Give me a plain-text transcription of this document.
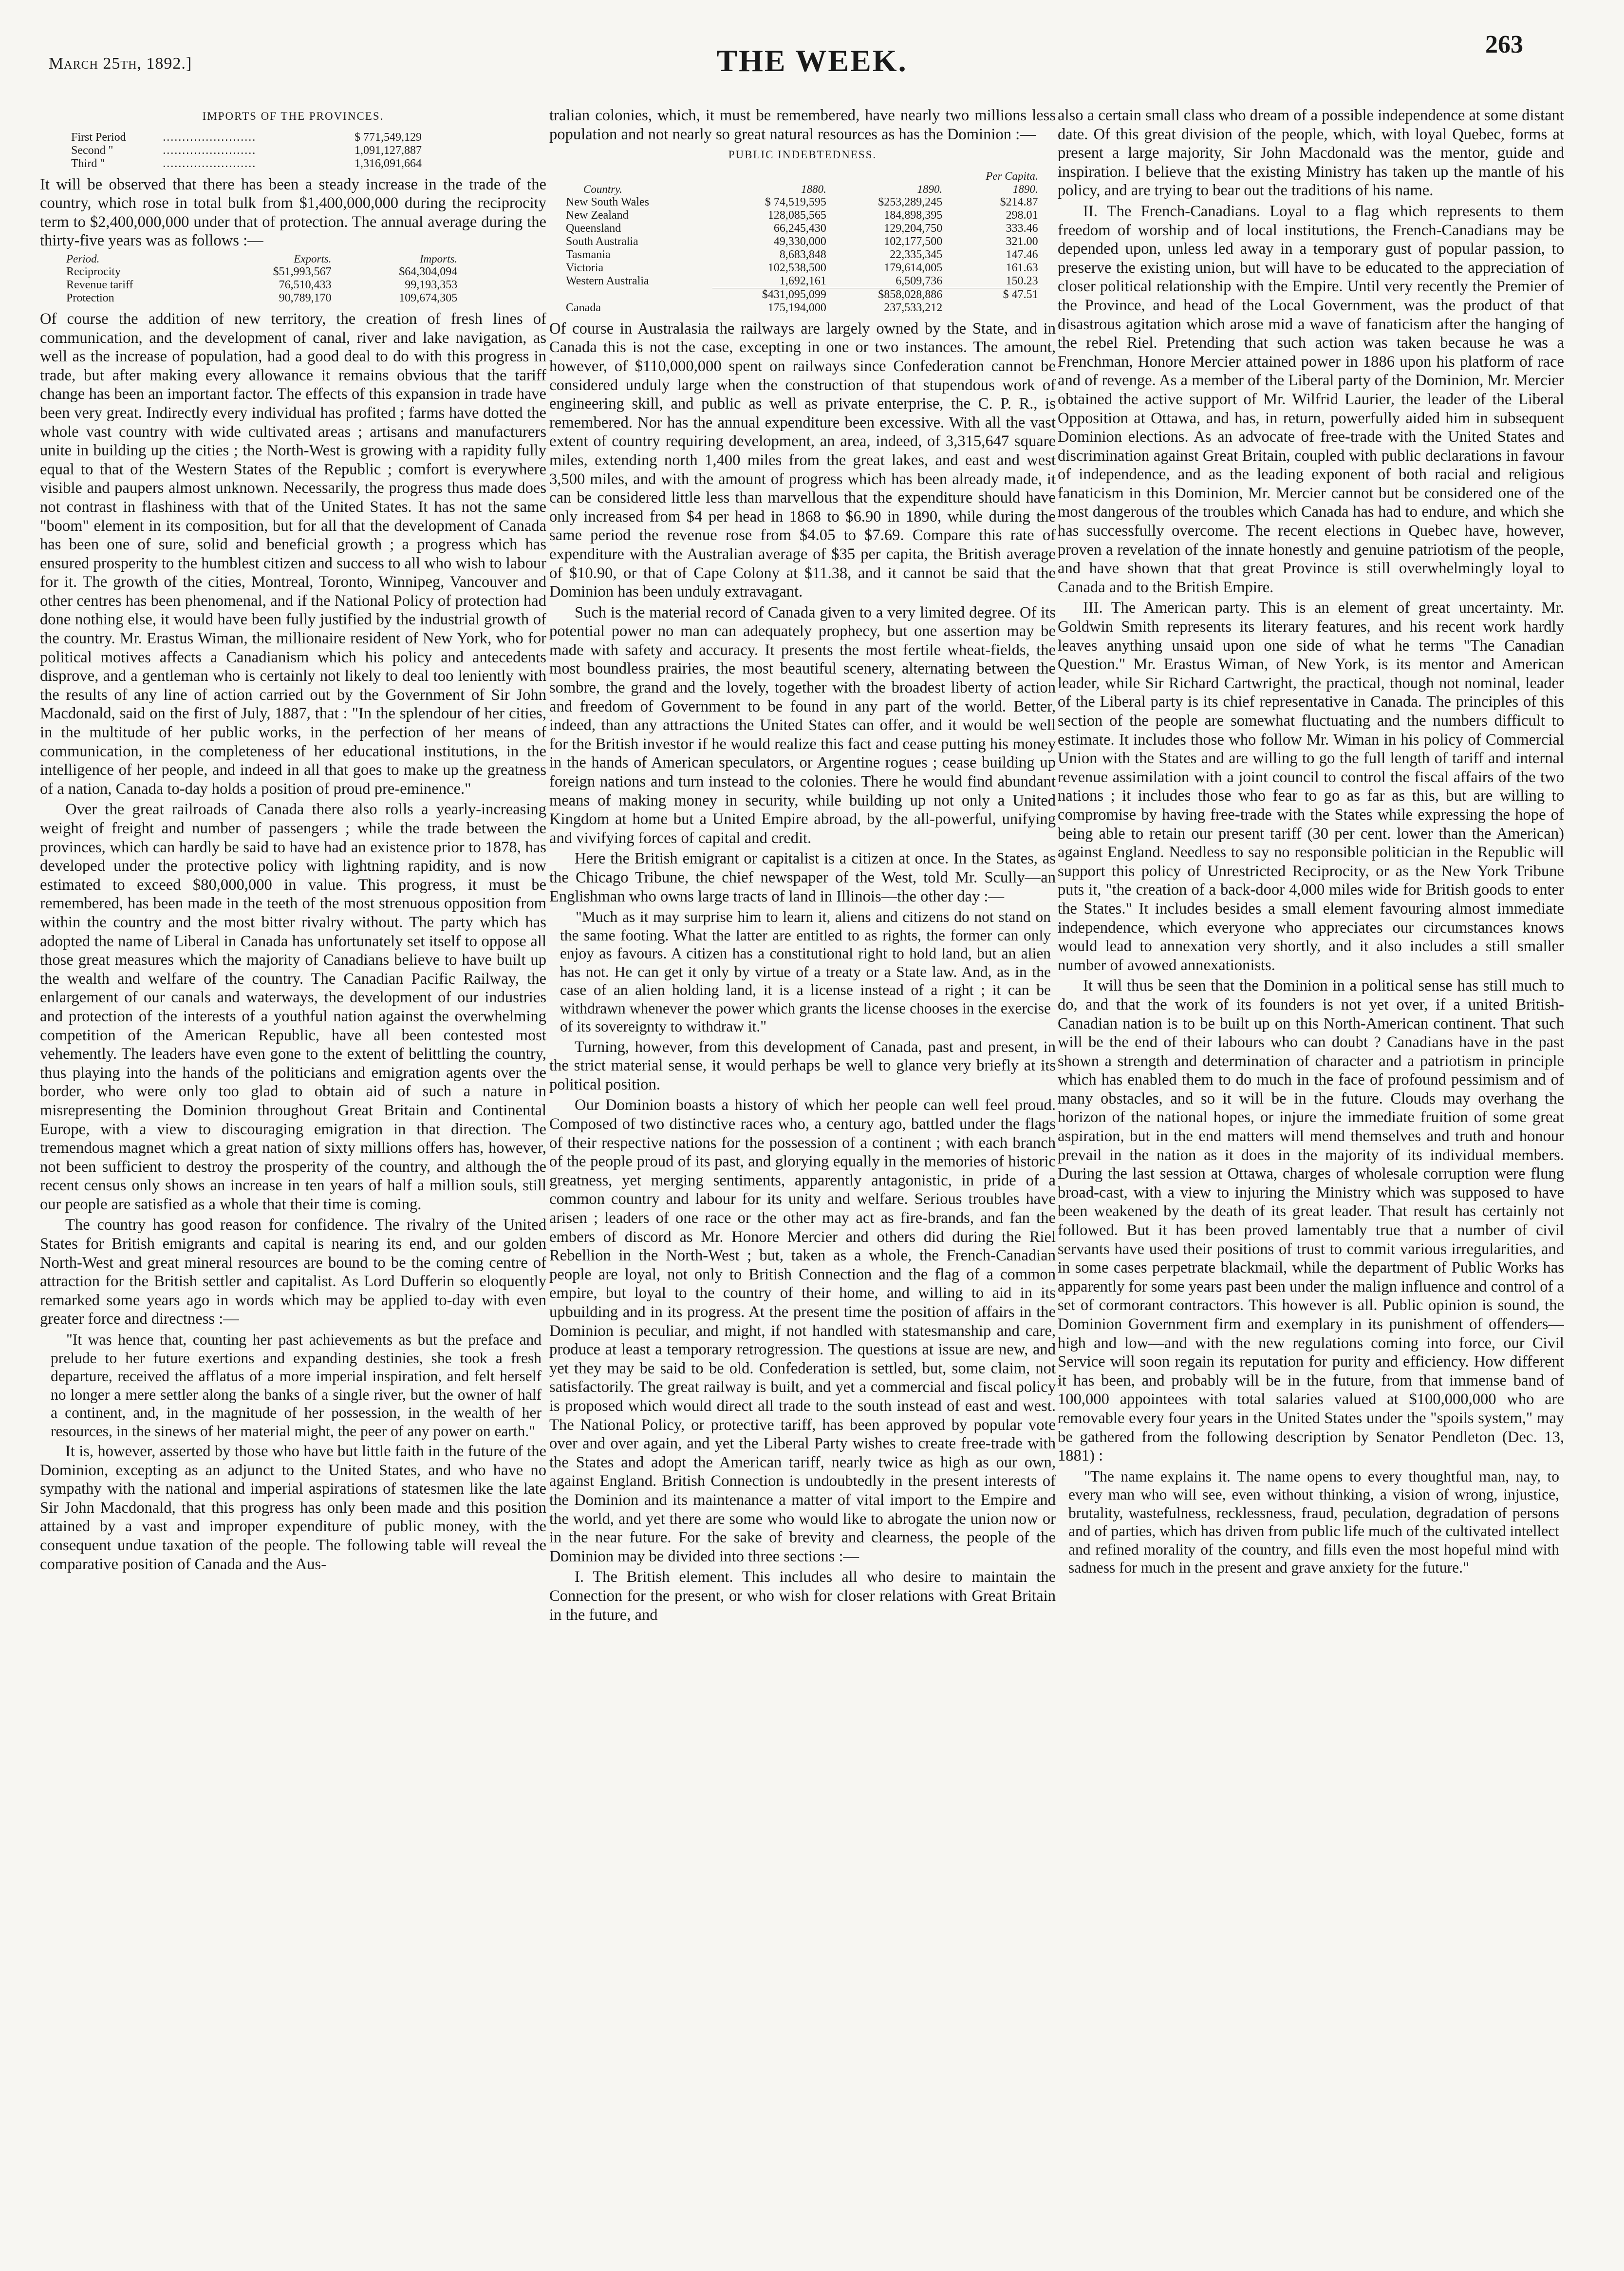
March 25th, 1892.]	THE WEEK.	263
IMPORTS OF THE PROVINCES.
First Period	........................	$ 771,549,129
Second "	........................	1,091,127,887
Third "	........................	1,316,091,664

It will be observed that there has been a steady increase in the trade of the country, which rose in total bulk from $1,400,000,000 during the reciprocity term to $2,400,000,000 under that of protection. The annual average during the thirty-five years was as follows :—

Period.	Exports.	Imports.
Reciprocity	$51,993,567	$64,304,094
Revenue tariff	76,510,433	99,193,353
Protection	90,789,170	109,674,305

Of course the addition of new territory, the creation of fresh lines of communication, and the development of canal, river and lake navigation, as well as the increase of population, had a good deal to do with this progress in trade, but after making every allowance it remains obvious that the tariff change has been an important factor. The effects of this expansion in trade have been very great. Indirectly every individual has profited ; farms have dotted the whole vast country with wide cultivated areas ; artisans and manufacturers unite in building up the cities ; the North-West is growing with a rapidity fully equal to that of the Western States of the Republic ; comfort is everywhere visible and paupers almost unknown. Necessarily, the progress thus made does not contrast in flashiness with that of the United States. It has not the same "boom" element in its composition, but for all that the development of Canada has been one of sure, solid and beneficial growth ; a progress which has ensured prosperity to the humblest citizen and success to all who wish to labour for it. The growth of the cities, Montreal, Toronto, Winnipeg, Vancouver and other centres has been phenomenal, and if the National Policy of protection had done nothing else, it would have been fully justified by the industrial growth of the country. Mr. Erastus Wiman, the millionaire resident of New York, who for political motives affects a Canadianism which his policy and antecedents disprove, and a gentleman who is certainly not likely to deal too leniently with the results of any line of action carried out by the Government of Sir John Macdonald, said on the first of July, 1887, that : "In the splendour of her cities, in the multitude of her public works, in the perfection of her means of communication, in the completeness of her educational institutions, in the intelligence of her people, and indeed in all that goes to make up the greatness of a nation, Canada to-day holds a position of proud pre-eminence."

Over the great railroads of Canada there also rolls a yearly-increasing weight of freight and number of passengers ; while the trade between the provinces, which can hardly be said to have had an existence prior to 1878, has developed under the protective policy with lightning rapidity, and is now estimated to exceed $80,000,000 in value. This progress, it must be remembered, has been made in the teeth of the most strenuous opposition from within the country and the most bitter rivalry without. The party which has adopted the name of Liberal in Canada has unfortunately set itself to oppose all those great measures which the majority of Canadians believe to have built up the wealth and welfare of the country. The Canadian Pacific Railway, the enlargement of our canals and waterways, the development of our industries and protection of the interests of a youthful nation against the overwhelming competition of the American Republic, have all been contested most vehemently. The leaders have even gone to the extent of belittling the country, thus playing into the hands of the politicians and emigration agents over the border, who were only too glad to obtain aid of such a nature in misrepresenting the Dominion throughout Great Britain and Continental Europe, with a view to discouraging emigration in that direction. The tremendous magnet which a great nation of sixty millions offers has, however, not been sufficient to destroy the prosperity of the country, and although the recent census only shows an increase in ten years of half a million souls, still our people are satisfied as a whole that their time is coming.

The country has good reason for confidence. The rivalry of the United States for British emigrants and capital is nearing its end, and our golden North-West and great mineral resources are bound to be the coming centre of attraction for the British settler and capitalist. As Lord Dufferin so eloquently remarked some years ago in words which may be applied to-day with even greater force and directness :—

"It was hence that, counting her past achievements as but the preface and prelude to her future exertions and expanding destinies, she took a fresh departure, received the afflatus of a more imperial inspiration, and felt herself no longer a mere settler along the banks of a single river, but the owner of half a continent, and, in the magnitude of her possession, in the wealth of her resources, in the sinews of her material might, the peer of any power on earth."

It is, however, asserted by those who have but little faith in the future of the Dominion, excepting as an adjunct to the United States, and who have no sympathy with the national and imperial aspirations of statesmen like the late Sir John Macdonald, that this progress has only been made and this position attained by a vast and improper expenditure of public money, with the consequent undue taxation of the people. The following table will reveal the comparative position of Canada and the Aus-

tralian colonies, which, it must be remembered, have nearly two millions less population and not nearly so great natural resources as has the Dominion :—

PUBLIC INDEBTEDNESS.
			Per Capita.
Country.	1880.	1890.	1890.
New South Wales	$ 74,519,595	$253,289,245	$214.87
New Zealand	128,085,565	184,898,395	298.01
Queensland	66,245,430	129,204,750	333.46
South Australia	49,330,000	102,177,500	321.00
Tasmania	8,683,848	22,335,345	147.46
Victoria	102,538,500	179,614,005	161.63
Western Australia	1,692,161	6,509,736	150.23
	$431,095,099	$858,028,886	$ 47.51
Canada	175,194,000	237,533,212	

Of course in Australasia the railways are largely owned by the State, and in Canada this is not the case, excepting in one or two instances. The amount, however, of $110,000,000 spent on railways since Confederation cannot be considered unduly large when the construction of that stupendous work of engineering skill, and public as well as private enterprise, the C. P. R., is remembered. Nor has the annual expenditure been excessive. With all the vast extent of country requiring development, an area, indeed, of 3,315,647 square miles, extending north 1,400 miles from the great lakes, and east and west 3,500 miles, and with the amount of progress which has been already made, it can be considered little less than marvellous that the expenditure should have only increased from $4 per head in 1868 to $6.90 in 1890, while during the same period the revenue rose from $4.05 to $7.69. Compare this rate of expenditure with the Australian average of $35 per capita, the British average of $10.90, or that of Cape Colony at $11.38, and it cannot be said that the Dominion has been unduly extravagant.

Such is the material record of Canada given to a very limited degree. Of its potential power no man can adequately prophecy, but one assertion may be made with safety and accuracy. It presents the most fertile wheat-fields, the most boundless prairies, the most beautiful scenery, alternating between the sombre, the grand and the lovely, together with the broadest liberty of action and freedom of Government to be found in any part of the world. Better, indeed, than any attractions the United States can offer, and it would be well for the British investor if he would realize this fact and cease putting his money in the hands of American speculators, or Argentine rogues ; cease building up foreign nations and turn instead to the colonies. There he would find abundant means of making money in security, while building up not only a United Kingdom at home but a United Empire abroad, by the all-powerful, unifying and vivifying forces of capital and credit.

Here the British emigrant or capitalist is a citizen at once. In the States, as the Chicago Tribune, the chief newspaper of the West, told Mr. Scully—an Englishman who owns large tracts of land in Illinois—the other day :—

"Much as it may surprise him to learn it, aliens and citizens do not stand on the same footing. What the latter are entitled to as rights, the former can only enjoy as favours. A citizen has a constitutional right to hold land, but an alien has not. He can get it only by virtue of a treaty or a State law. And, as in the case of an alien holding land, it is a license instead of a right ; it can be withdrawn whenever the power which grants the license chooses in the exercise of its sovereignty to withdraw it."

Turning, however, from this development of Canada, past and present, in the strict material sense, it would perhaps be well to glance very briefly at its political position.

Our Dominion boasts a history of which her people can well feel proud. Composed of two distinctive races who, a century ago, battled under the flags of their respective nations for the possession of a continent ; with each branch of the people proud of its past, and glorying equally in the memories of historic greatness, yet merging sentiments, apparently antagonistic, in pride of a common country and labour for its unity and welfare. Serious troubles have arisen ; leaders of one race or the other may act as fire-brands, and fan the embers of discord as Mr. Honore Mercier and others did during the Riel Rebellion in the North-West ; but, taken as a whole, the French-Canadian people are loyal, not only to British Connection and the flag of a common empire, but loyal to the country of their home, and willing to aid in its upbuilding and in its progress. At the present time the position of affairs in the Dominion is peculiar, and might, if not handled with statesmanship and care, produce at least a temporary retrogression. The questions at issue are new, and yet they may be said to be old. Confederation is settled, but, some claim, not satisfactorily. The great railway is built, and yet a commercial and fiscal policy is proposed which would direct all trade to the south instead of east and west. The National Policy, or protective tariff, has been approved by popular vote over and over again, and yet the Liberal Party wishes to create free-trade with the States and adopt the American tariff, nearly twice as high as our own, against England. British Connection is undoubtedly in the present interests of the Dominion and its maintenance a matter of vital import to the Empire and the world, and yet there are some who would like to abrogate the union now or in the near future. For the sake of brevity and clearness, the people of the Dominion may be divided into three sections :—

I. The British element. This includes all who desire to maintain the Connection for the present, or who wish for closer relations with Great Britain in the future, and

also a certain small class who dream of a possible independence at some distant date. Of this great division of the people, which, with loyal Quebec, forms at present a large majority, Sir John Macdonald was the mentor, guide and inspiration. I believe that the existing Ministry has taken up the mantle of his policy, and are trying to bear out the traditions of his name.

II. The French-Canadians. Loyal to a flag which represents to them freedom of worship and of local institutions, the French-Canadians may be depended upon, unless led away in a temporary gust of popular passion, to preserve the existing union, but will have to be educated to the appreciation of closer political relationship with the Empire. Until very recently the Premier of the Province, and head of the Local Government, was the product of that disastrous agitation which arose mid a wave of fanaticism after the hanging of the rebel Riel. Pretending that such action was taken because he was a Frenchman, Honore Mercier attained power in 1886 upon his platform of race and of revenge. As a member of the Liberal party of the Dominion, Mr. Mercier obtained the active support of Mr. Wilfrid Laurier, the leader of the Liberal Opposition at Ottawa, and has, in return, powerfully aided him in subsequent Dominion elections. As an advocate of free-trade with the United States and discrimination against Great Britain, coupled with public declarations in favour of independence, and as the leading exponent of both racial and religious fanaticism in this Dominion, Mr. Mercier cannot but be considered one of the most dangerous of the troubles which Canada has had to endure, and which she has successfully overcome. The recent elections in Quebec have, however, proven a revelation of the innate honestly and genuine patriotism of the people, and have shown that that great Province is still overwhelmingly loyal to Canada and to the British Empire.

III. The American party. This is an element of great uncertainty. Mr. Goldwin Smith represents its literary features, and his recent work hardly leaves anything unsaid upon one side of what he terms "The Canadian Question." Mr. Erastus Wiman, of New York, is its mentor and American leader, while Sir Richard Cartwright, the practical, though not nominal, leader of the Liberal party is its chief representative in Canada. The principles of this section of the people are somewhat fluctuating and the numbers difficult to estimate. It includes those who follow Mr. Wiman in his policy of Commercial Union with the States and are willing to go the full length of tariff and internal revenue assimilation with a joint council to control the fiscal affairs of the two nations ; it includes those who fear to go as far as this, but are willing to compromise by having free-trade with the States while expressing the hope of being able to retain our present tariff (30 per cent. lower than the American) against England. Needless to say no responsible politician in the Republic will support this policy of Unrestricted Reciprocity, or as the New York Tribune puts it, "the creation of a back-door 4,000 miles wide for British goods to enter the States." It includes besides a small element favouring almost immediate independence, which everyone who appreciates our circumstances knows would lead to annexation very shortly, and it also includes a still smaller number of avowed annexationists.

It will thus be seen that the Dominion in a political sense has still much to do, and that the work of its founders is not yet over, if a united British-Canadian nation is to be built up on this North-American continent. That such will be the end of their labours who can doubt ? Canadians have in the past shown a strength and determination of character and a patriotism in principle which has enabled them to do much in the face of profound pessimism and of many obstacles, and so it will be in the future. Clouds may overhang the horizon of the national hopes, or injure the immediate fruition of some great aspiration, but in the end matters will mend themselves and truth and honour prevail in the nation as it does in the majority of its individual members. During the last session at Ottawa, charges of wholesale corruption were flung broad-cast, with a view to injuring the Ministry which was supposed to have been weakened by the death of its great leader. That result has certainly not followed. But it has been proved lamentably true that a number of civil servants have used their positions of trust to commit various irregularities, and in some cases perpetrate blackmail, while the department of Public Works has apparently for some years past been under the malign influence and control of a set of cormorant contractors. This however is all. Public opinion is sound, the Dominion Government firm and exemplary in its punishment of offenders—high and low—and with the new regulations coming into force, our Civil Service will soon regain its reputation for purity and efficiency. How different it has been, and probably will be in the future, from that immense band of 100,000 appointees with total salaries valued at $100,000,000 who are removable every four years in the United States under the "spoils system," may be gathered from the following description by Senator Pendleton (Dec. 13, 1881) :

"The name explains it. The name opens to every thoughtful man, nay, to every man who will see, even without thinking, a vision of wrong, injustice, brutality, wastefulness, recklessness, fraud, peculation, degradation of persons and of parties, which has driven from public life much of the cultivated intellect and refined morality of the country, and fills even the most hopeful mind with sadness for much in the present and grave anxiety for the future."
